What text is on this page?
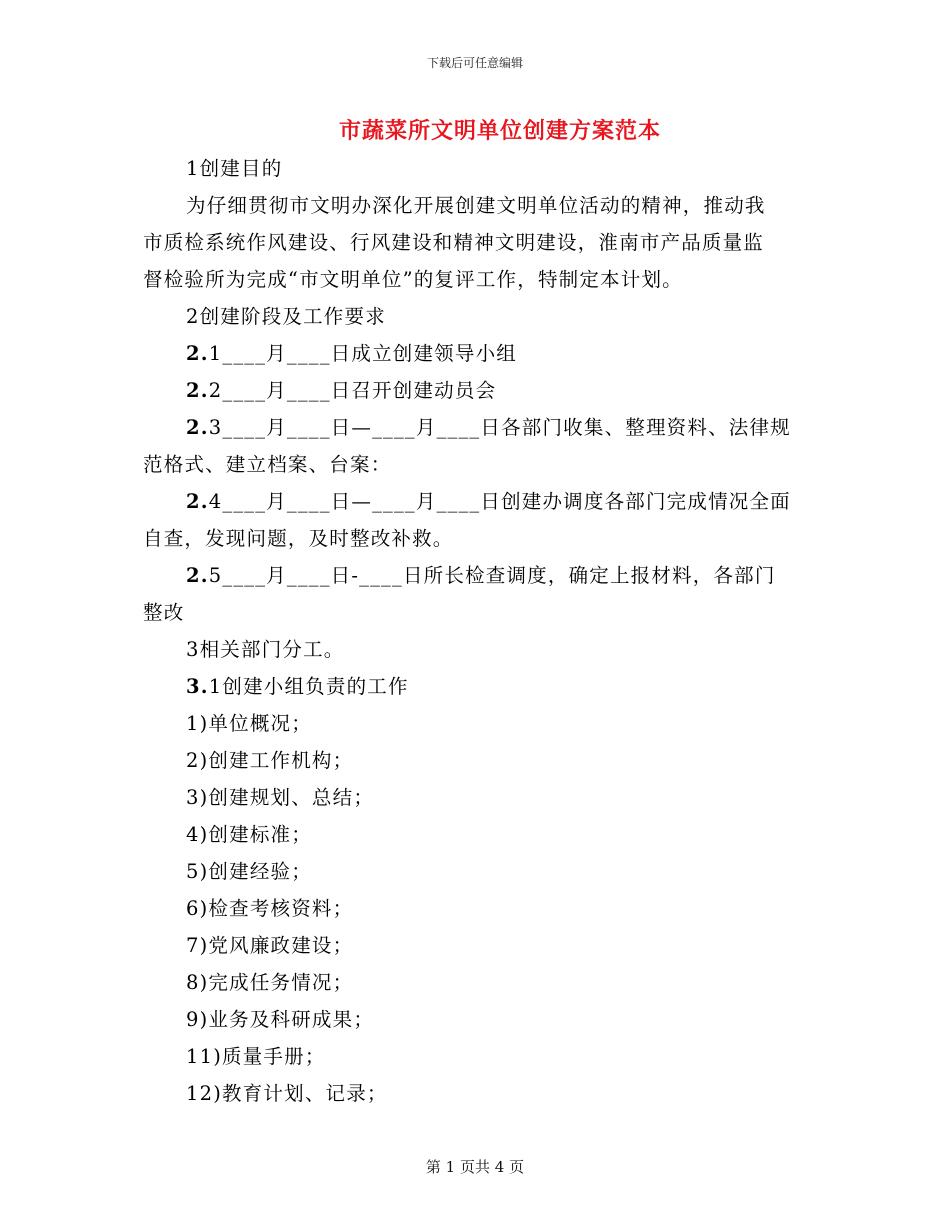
下载后可任意编辑
市蔬菜所文明单位创建方案范本
1创建目的
为仔细贯彻市文明办深化开展创建文明单位活动的精神，推动我
市质检系统作风建设、行风建设和精神文明建设，淮南市产品质量监
督检验所为完成“市文明单位”的复评工作，特制定本计划。
2创建阶段及工作要求
2.1____月____日成立创建领导小组
2.2____月____日召开创建动员会
2.3____月____日—____月____日各部门收集、整理资料、法律规
范格式、建立档案、台案：
2.4____月____日—____月____日创建办调度各部门完成情况全面
自查，发现问题，及时整改补救。
2.5____月____日-____日所长检查调度，确定上报材料，各部门
整改
3相关部门分工。
3.1创建小组负责的工作
1)单位概况；
2)创建工作机构；
3)创建规划、总结；
4)创建标准；
5)创建经验；
6)检查考核资料；
7)党风廉政建设；
8)完成任务情况；
9)业务及科研成果；
11)质量手册；
12)教育计划、记录；
第 1 页共 4 页
